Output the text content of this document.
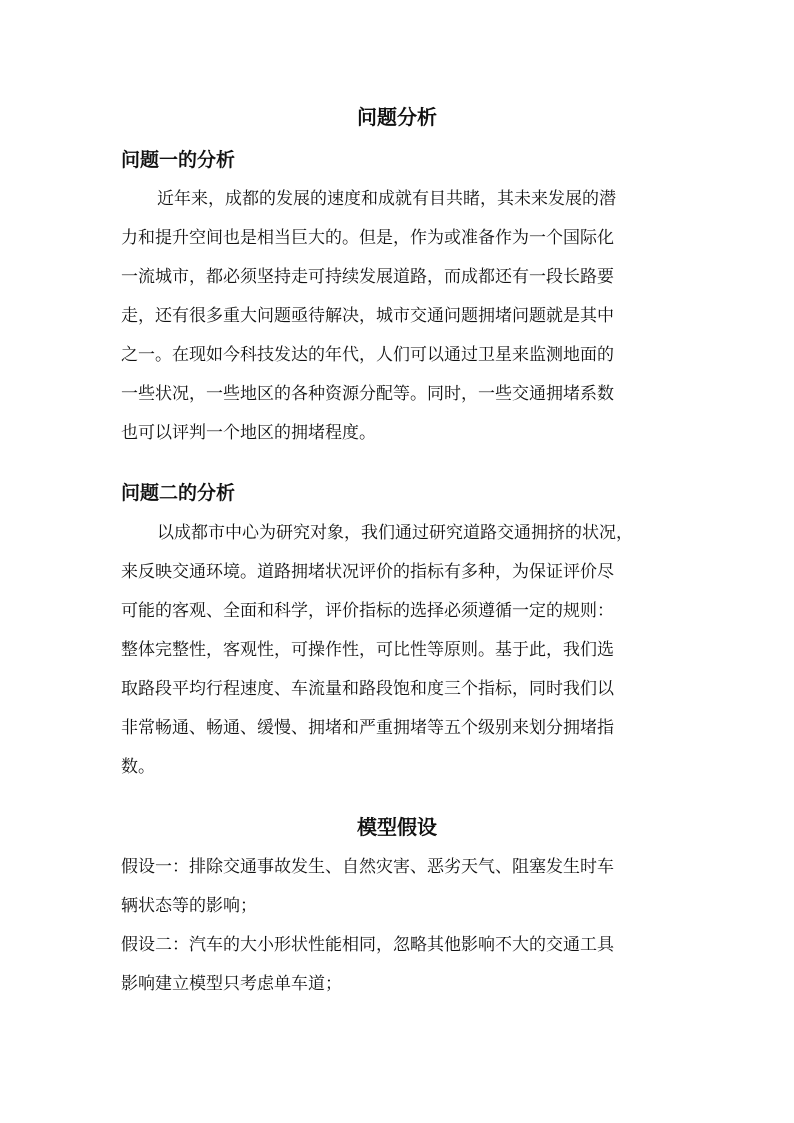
问题分析
问题一的分析
近年来，成都的发展的速度和成就有目共睹，其未来发展的潜
力和提升空间也是相当巨大的。但是，作为或准备作为一个国际化
一流城市，都必须坚持走可持续发展道路，而成都还有一段长路要
走，还有很多重大问题亟待解决，城市交通问题拥堵问题就是其中
之一。在现如今科技发达的年代，人们可以通过卫星来监测地面的
一些状况，一些地区的各种资源分配等。同时，一些交通拥堵系数
也可以评判一个地区的拥堵程度。
问题二的分析
以成都市中心为研究对象，我们通过研究道路交通拥挤的状况，
来反映交通环境。道路拥堵状况评价的指标有多种，为保证评价尽
可能的客观、全面和科学，评价指标的选择必须遵循一定的规则：
整体完整性，客观性，可操作性，可比性等原则。基于此，我们选
取路段平均行程速度、车流量和路段饱和度三个指标，同时我们以
非常畅通、畅通、缓慢、拥堵和严重拥堵等五个级别来划分拥堵指
数。
模型假设
假设一：排除交通事故发生、自然灾害、恶劣天气、阻塞发生时车
辆状态等的影响；
假设二：汽车的大小形状性能相同，忽略其他影响不大的交通工具
影响建立模型只考虑单车道；
